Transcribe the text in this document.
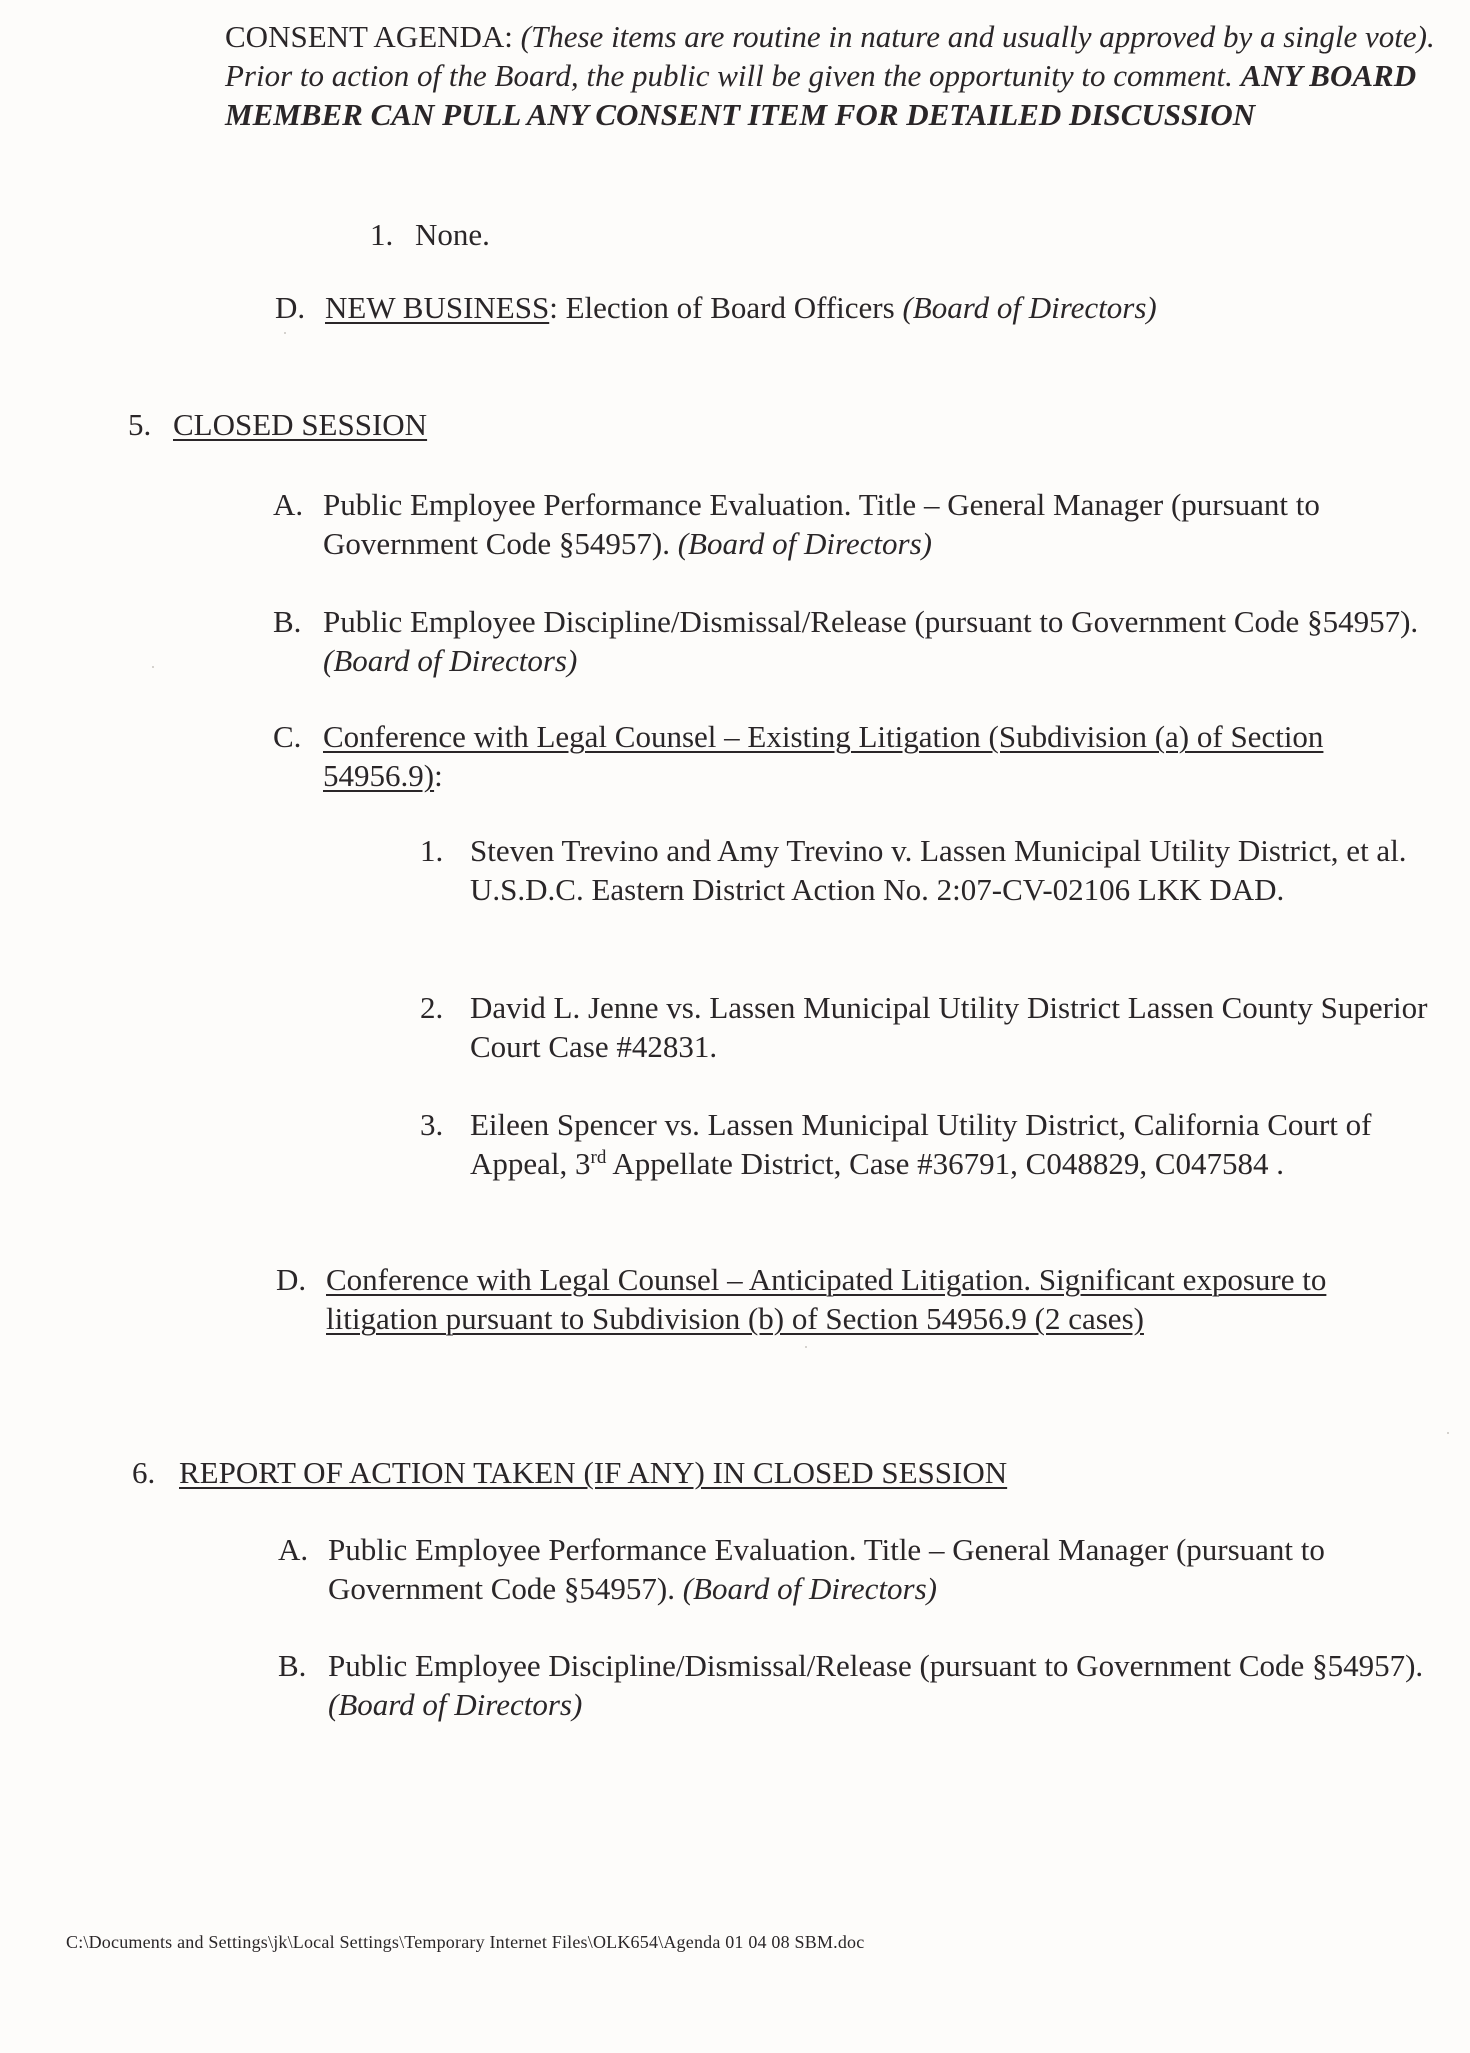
CONSENT AGENDA: (These items are routine in nature and usually approved by a single vote). Prior to action of the Board, the public will be given the opportunity to comment. ANY BOARD MEMBER CAN PULL ANY CONSENT ITEM FOR DETAILED DISCUSSION
1. None.
D. NEW BUSINESS: Election of Board Officers (Board of Directors)
5. CLOSED SESSION
A. Public Employee Performance Evaluation. Title – General Manager (pursuant to Government Code §54957). (Board of Directors)
B. Public Employee Discipline/Dismissal/Release (pursuant to Government Code §54957). (Board of Directors)
C. Conference with Legal Counsel – Existing Litigation (Subdivision (a) of Section 54956.9):
1. Steven Trevino and Amy Trevino v. Lassen Municipal Utility District, et al. U.S.D.C. Eastern District Action No. 2:07-CV-02106 LKK DAD.
2. David L. Jenne vs. Lassen Municipal Utility District Lassen County Superior Court Case #42831.
3. Eileen Spencer vs. Lassen Municipal Utility District, California Court of Appeal, 3rd Appellate District, Case #36791, C048829, C047584 .
D. Conference with Legal Counsel – Anticipated Litigation. Significant exposure to litigation pursuant to Subdivision (b) of Section 54956.9 (2 cases)
6. REPORT OF ACTION TAKEN (IF ANY) IN CLOSED SESSION
A. Public Employee Performance Evaluation. Title – General Manager (pursuant to Government Code §54957). (Board of Directors)
B. Public Employee Discipline/Dismissal/Release (pursuant to Government Code §54957). (Board of Directors)
C:\Documents and Settings\jk\Local Settings\Temporary Internet Files\OLK654\Agenda 01 04 08 SBM.doc
